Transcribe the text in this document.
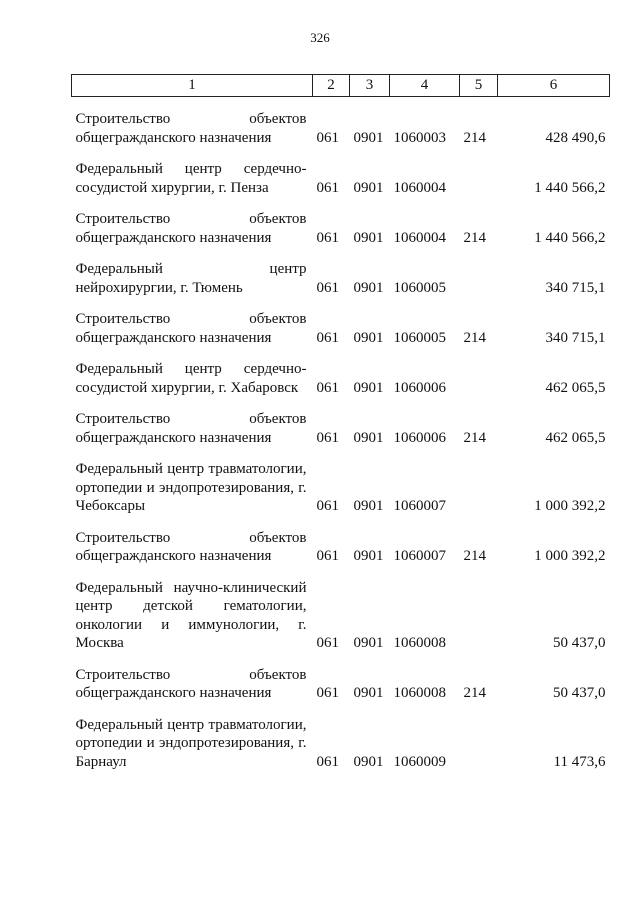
326
1	2	3	4	5	6
Строительство объектов общегражданского назначения	061	0901	1060003	214	428 490,6
Федеральный центр сердечно-сосудистой хирургии, г. Пенза	061	0901	1060004		1 440 566,2
Строительство объектов общегражданского назначения	061	0901	1060004	214	1 440 566,2
Федеральный центр нейрохирургии, г. Тюмень	061	0901	1060005		340 715,1
Строительство объектов общегражданского назначения	061	0901	1060005	214	340 715,1
Федеральный центр сердечно-сосудистой хирургии, г. Хабаровск	061	0901	1060006		462 065,5
Строительство объектов общегражданского назначения	061	0901	1060006	214	462 065,5
Федеральный центр травматологии, ортопедии и эндопротезирования, г. Чебоксары	061	0901	1060007		1 000 392,2
Строительство объектов общегражданского назначения	061	0901	1060007	214	1 000 392,2
Федеральный научно-клинический центр детской гематологии, онкологии и иммунологии, г. Москва	061	0901	1060008		50 437,0
Строительство объектов общегражданского назначения	061	0901	1060008	214	50 437,0
Федеральный центр травматологии, ортопедии и эндопротезирования, г. Барнаул	061	0901	1060009		11 473,6
